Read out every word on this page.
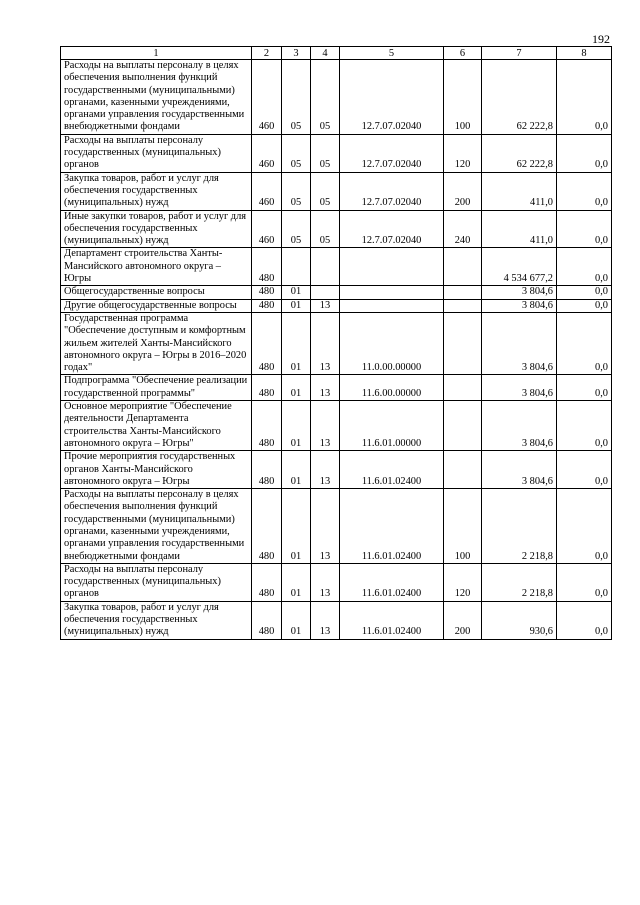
192
1	2	3	4	5	6	7	8
Расходы на выплаты персоналу в целях обеспечения выполнения функций государственными (муниципальными) органами, казенными учреждениями, органами управления государственными внебюджетными фондами	460	05	05	12.7.07.02040	100	62 222,8	0,0
Расходы на выплаты персоналу государственных (муниципальных) органов	460	05	05	12.7.07.02040	120	62 222,8	0,0
Закупка товаров, работ и услуг для обеспечения государственных (муниципальных) нужд	460	05	05	12.7.07.02040	200	411,0	0,0
Иные закупки товаров, работ и услуг для обеспечения государственных (муниципальных) нужд	460	05	05	12.7.07.02040	240	411,0	0,0
Департамент строительства Ханты-Мансийского автономного округа – Югры	480					4 534 677,2	0,0
Общегосударственные вопросы	480	01				3 804,6	0,0
Другие общегосударственные вопросы	480	01	13			3 804,6	0,0
Государственная программа "Обеспечение доступным и комфортным жильем жителей Ханты-Мансийского автономного округа – Югры в 2016–2020 годах"	480	01	13	11.0.00.00000		3 804,6	0,0
Подпрограмма "Обеспечение реализации государственной программы"	480	01	13	11.6.00.00000		3 804,6	0,0
Основное мероприятие "Обеспечение деятельности Департамента строительства Ханты-Мансийского автономного округа – Югры"	480	01	13	11.6.01.00000		3 804,6	0,0
Прочие мероприятия государственных органов Ханты-Мансийского автономного округа – Югры	480	01	13	11.6.01.02400		3 804,6	0,0
Расходы на выплаты персоналу в целях обеспечения выполнения функций государственными (муниципальными) органами, казенными учреждениями, органами управления государственными внебюджетными фондами	480	01	13	11.6.01.02400	100	2 218,8	0,0
Расходы на выплаты персоналу государственных (муниципальных) органов	480	01	13	11.6.01.02400	120	2 218,8	0,0
Закупка товаров, работ и услуг для обеспечения государственных (муниципальных) нужд	480	01	13	11.6.01.02400	200	930,6	0,0
